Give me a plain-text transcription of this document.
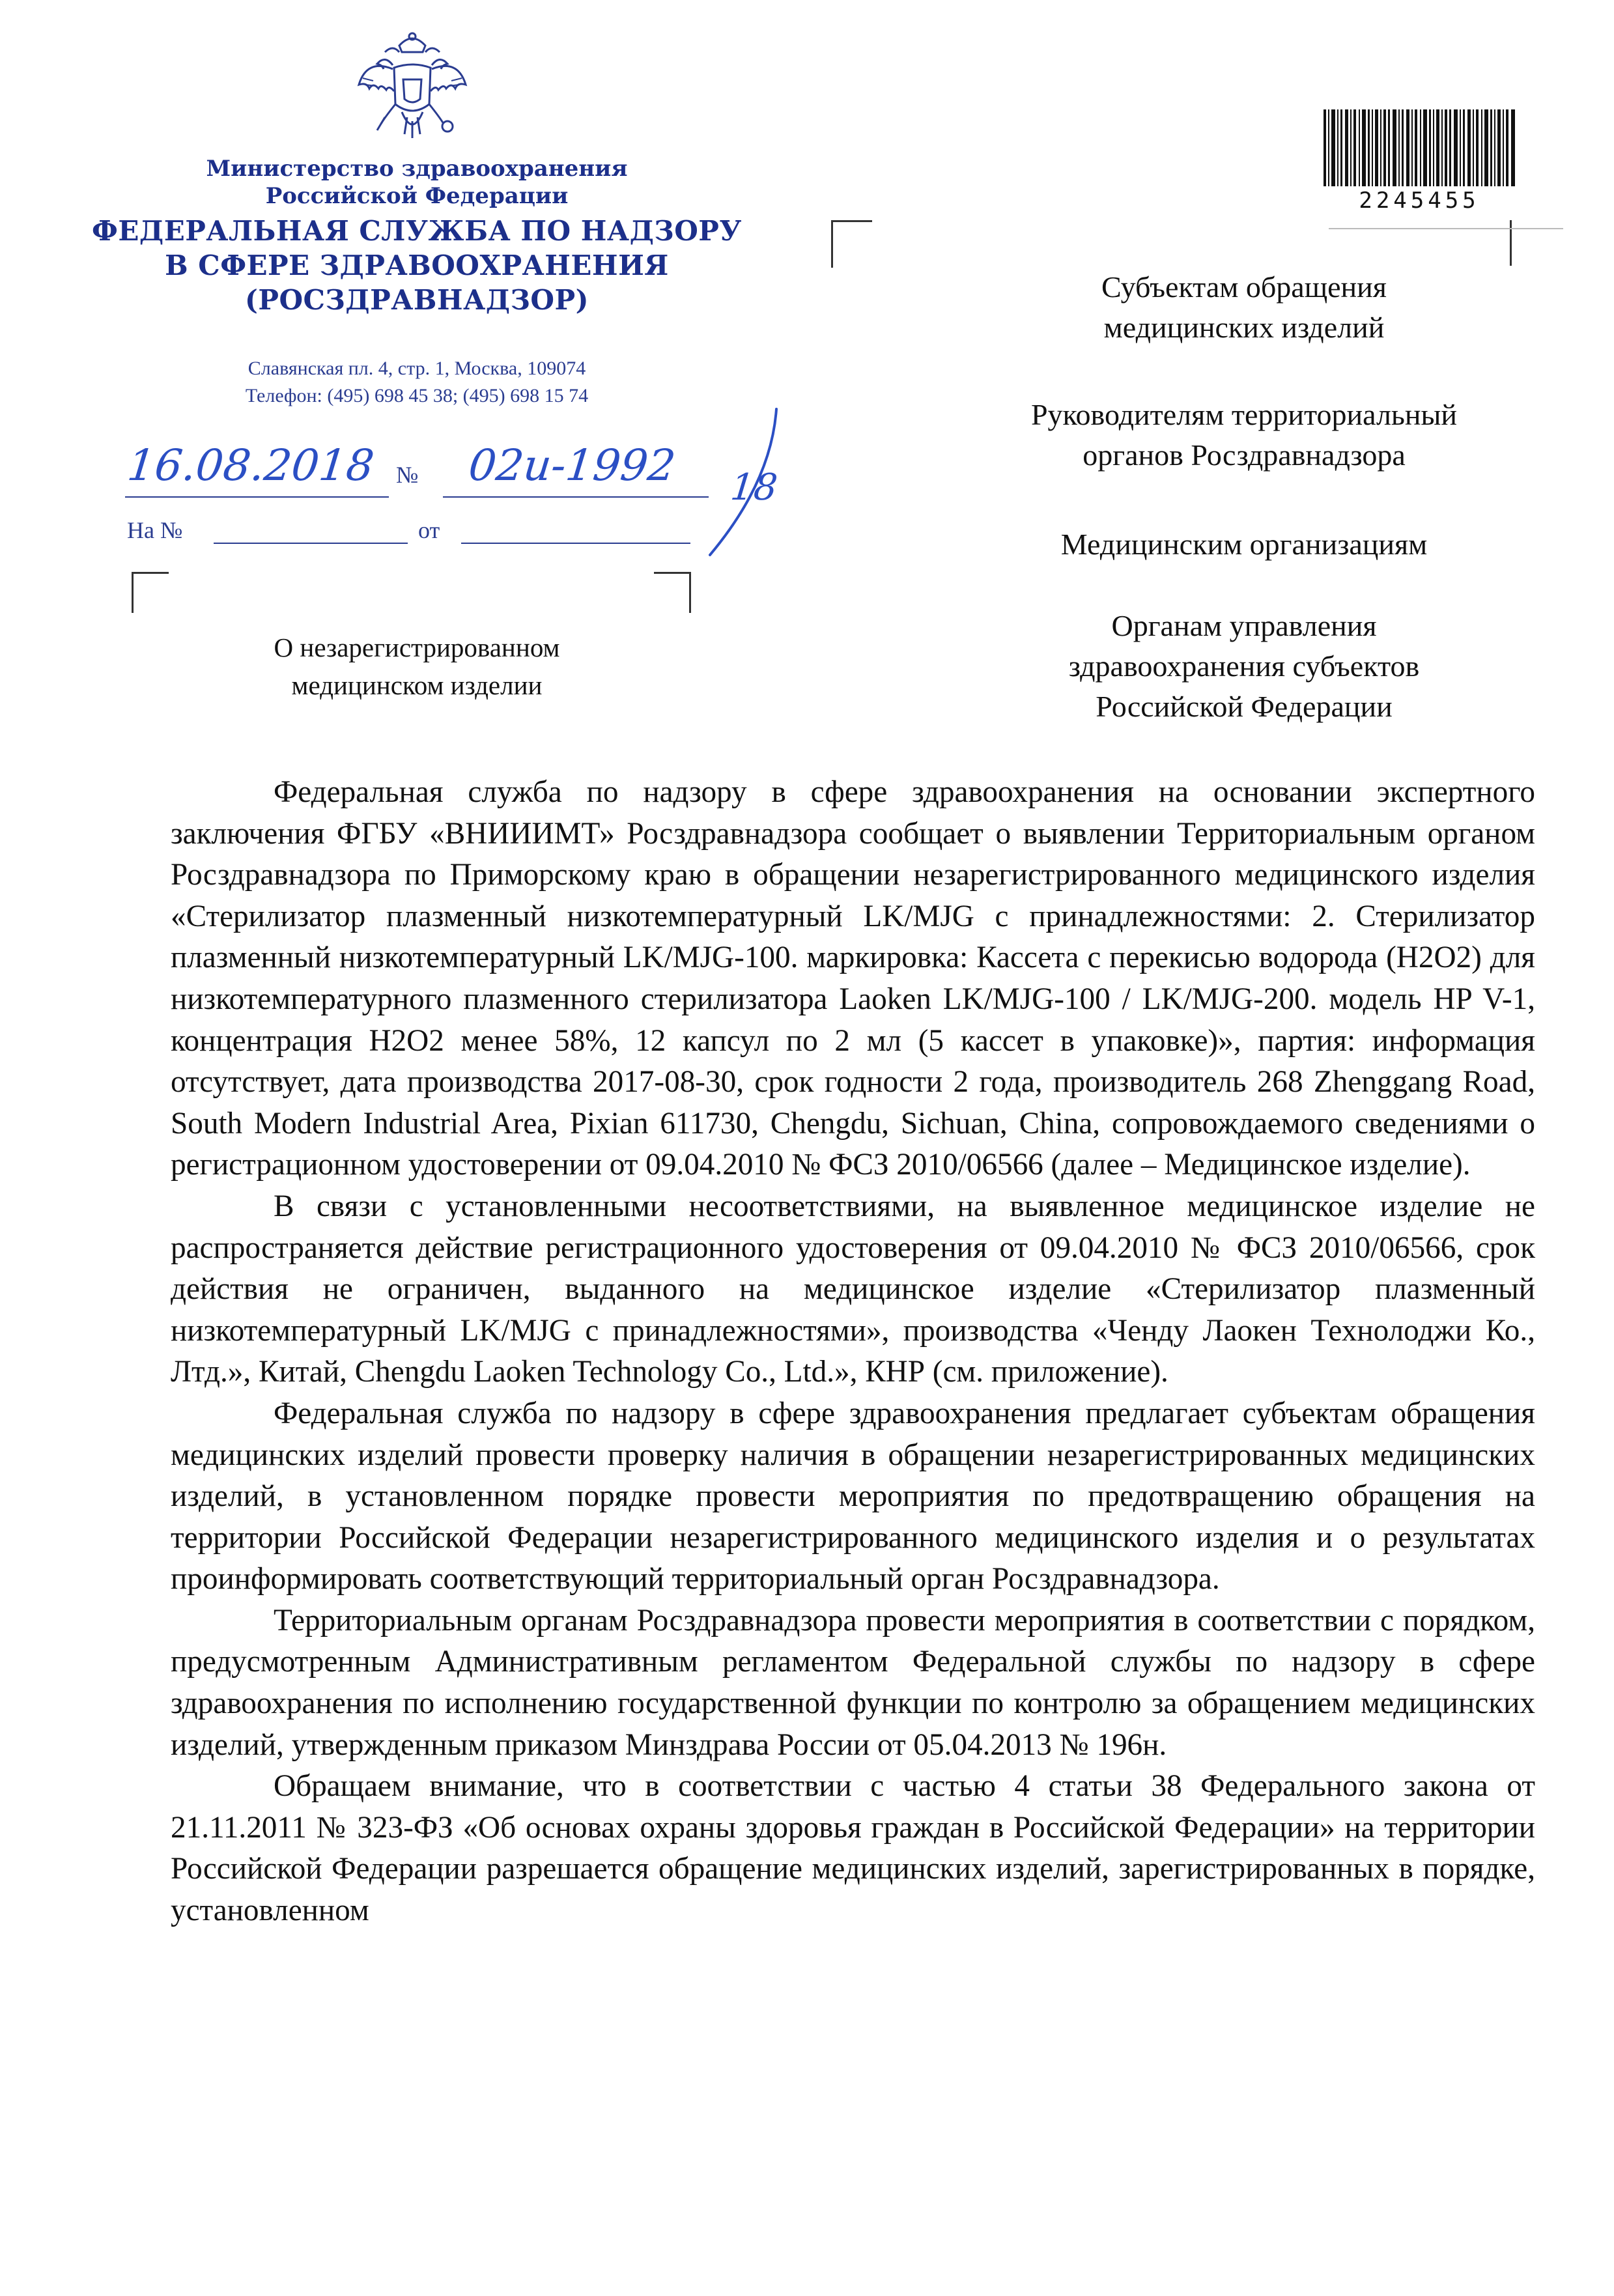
Министерство здравоохранения
Российской Федерации
ФЕДЕРАЛЬНАЯ СЛУЖБА ПО НАДЗОРУ
В СФЕРЕ ЗДРАВООХРАНЕНИЯ
(РОСЗДРАВНАДЗОР)
Славянская пл. 4, стр. 1, Москва, 109074
Телефон: (495) 698 45 38; (495) 698 15 74
16.08.2018 № 02и-1992 18
На №	от
О незарегистрированном
медицинском изделии
2245455
Субъектам обращения
медицинских изделий
Руководителям территориальный
органов Росздравнадзора
Медицинским организациям
Органам управления
здравоохранения субъектов
Российской Федерации

Федеральная служба по надзору в сфере здравоохранения на основании экспертного заключения ФГБУ «ВНИИИМТ» Росздравнадзора сообщает о выявлении Территориальным органом Росздравнадзора по Приморскому краю в обращении незарегистрированного медицинского изделия «Стерилизатор плазменный низкотемпературный LK/MJG с принадлежностями: 2. Стерилизатор плазменный низкотемпературный LK/MJG-100. маркировка: Кассета с перекисью водорода (H2O2) для низкотемпературного плазменного стерилизатора Laoken LK/MJG-100 / LK/MJG-200. модель HP V-1, концентрация H2O2 менее 58%, 12 капсул по 2 мл (5 кассет в упаковке)», партия: информация отсутствует, дата производства 2017-08-30, срок годности 2 года, производитель 268 Zhenggang Road, South Modern Industrial Area, Pixian 611730, Chengdu, Sichuan, China, сопровождаемого сведениями о регистрационном удостоверении от 09.04.2010 № ФСЗ 2010/06566 (далее – Медицинское изделие).

В связи с установленными несоответствиями, на выявленное медицинское изделие не распространяется действие регистрационного удостоверения от 09.04.2010 № ФСЗ 2010/06566, срок действия не ограничен, выданного на медицинское изделие «Стерилизатор плазменный низкотемпературный LK/MJG с принадлежностями», производства «Ченду Лаокен Технолоджи Ко., Лтд.», Китай, Chengdu Laoken Technology Co., Ltd.», КНР (см. приложение).

Федеральная служба по надзору в сфере здравоохранения предлагает субъектам обращения медицинских изделий провести проверку наличия в обращении незарегистрированных медицинских изделий, в установленном порядке провести мероприятия по предотвращению обращения на территории Российской Федерации незарегистрированного медицинского изделия и о результатах проинформировать соответствующий территориальный орган Росздравнадзора.

Территориальным органам Росздравнадзора провести мероприятия в соответствии с порядком, предусмотренным Административным регламентом Федеральной службы по надзору в сфере здравоохранения по исполнению государственной функции по контролю за обращением медицинских изделий, утвержденным приказом Минздрава России от 05.04.2013 № 196н.

Обращаем внимание, что в соответствии с частью 4 статьи 38 Федерального закона от 21.11.2011 № 323-ФЗ «Об основах охраны здоровья граждан в Российской Федерации» на территории Российской Федерации разрешается обращение медицинских изделий, зарегистрированных в порядке, установленном
